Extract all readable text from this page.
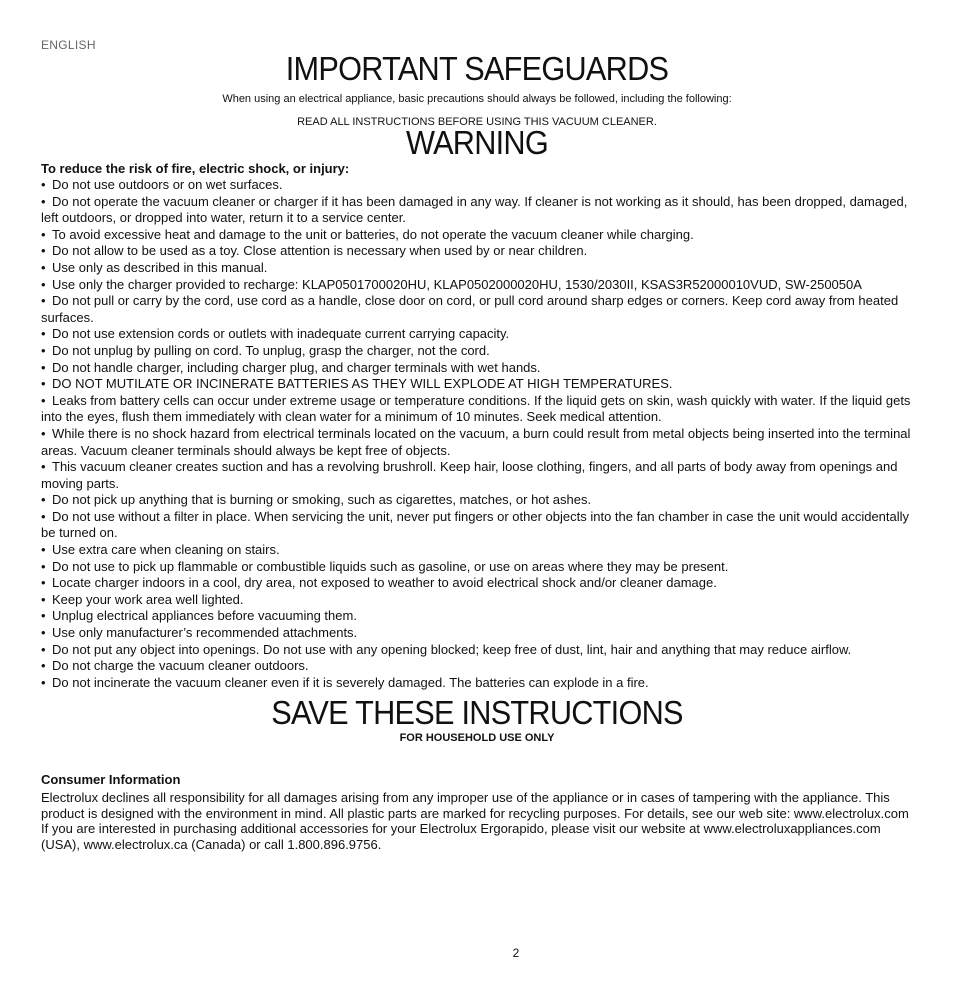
ENGLISH
IMPORTANT SAFEGUARDS
When using an electrical appliance, basic precautions should always be followed, including the following:
READ ALL INSTRUCTIONS BEFORE USING THIS VACUUM CLEANER.
WARNING
To reduce the risk of fire, electric shock, or injury:
• Do not use outdoors or on wet surfaces.
• Do not operate the vacuum cleaner or charger if it has been damaged in any way. If cleaner is not working as it should, has been dropped, damaged, left outdoors, or dropped into water, return it to a service center.
• To avoid excessive heat and damage to the unit or batteries, do not operate the vacuum cleaner while charging.
• Do not allow to be used as a toy. Close attention is necessary when used by or near children.
• Use only as described in this manual.
• Use only the charger provided to recharge: KLAP0501700020HU, KLAP0502000020HU, 1530/2030II, KSAS3R52000010VUD, SW-250050A
• Do not pull or carry by the cord, use cord as a handle, close door on cord, or pull cord around sharp edges or corners. Keep cord away from heated surfaces.
• Do not use extension cords or outlets with inadequate current carrying capacity.
• Do not unplug by pulling on cord. To unplug, grasp the charger, not the cord.
• Do not handle charger, including charger plug, and charger terminals with wet hands.
• DO NOT MUTILATE OR INCINERATE BATTERIES AS THEY WILL EXPLODE AT HIGH TEMPERATURES.
• Leaks from battery cells can occur under extreme usage or temperature conditions. If the liquid gets on skin, wash quickly with water. If the liquid gets into the eyes, flush them immediately with clean water for a minimum of 10 minutes. Seek medical attention.
• While there is no shock hazard from electrical terminals located on the vacuum, a burn could result from metal objects being inserted into the terminal areas. Vacuum cleaner terminals should always be kept free of objects.
• This vacuum cleaner creates suction and has a revolving brushroll. Keep hair, loose clothing, fingers, and all parts of body away from openings and moving parts.
• Do not pick up anything that is burning or smoking, such as cigarettes, matches, or hot ashes.
• Do not use without a filter in place. When servicing the unit, never put fingers or other objects into the fan chamber in case the unit would accidentally be turned on.
• Use extra care when cleaning on stairs.
• Do not use to pick up flammable or combustible liquids such as gasoline, or use on areas where they may be present.
• Locate charger indoors in a cool, dry area, not exposed to weather to avoid electrical shock and/or cleaner damage.
• Keep your work area well lighted.
• Unplug electrical appliances before vacuuming them.
• Use only manufacturer’s recommended attachments.
• Do not put any object into openings. Do not use with any opening blocked; keep free of dust, lint, hair and anything that may reduce airflow.
• Do not charge the vacuum cleaner outdoors.
• Do not incinerate the vacuum cleaner even if it is severely damaged. The batteries can explode in a fire.
SAVE THESE INSTRUCTIONS
FOR HOUSEHOLD USE ONLY
Consumer Information
Electrolux declines all responsibility for all damages arising from any improper use of the appliance or in cases of tampering with the appliance. This product is designed with the environment in mind. All plastic parts are marked for recycling purposes. For details, see our web site: www.electrolux.com If you are interested in purchasing additional accessories for your Electrolux Ergorapido, please visit our website at www.electroluxappliances.com (USA), www.electrolux.ca (Canada) or call 1.800.896.9756.
2
